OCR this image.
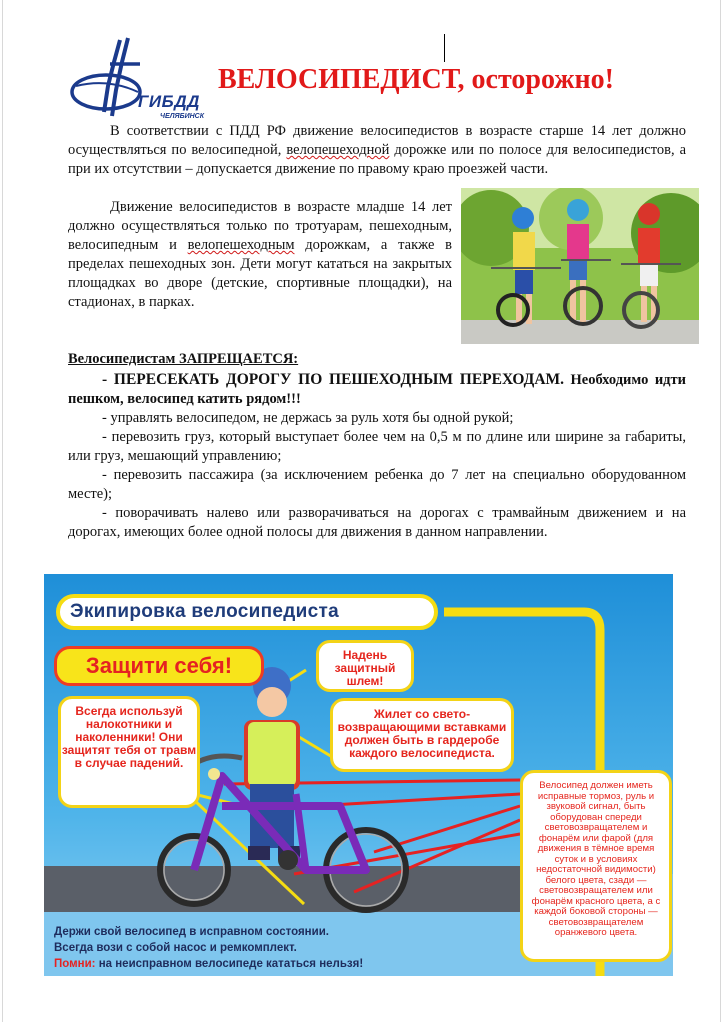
ГИБДД
ЧЕЛЯБИНСК
ВЕЛОСИПЕДИСТ, осторожно!

В соответствии с ПДД РФ движение велосипедистов в возрасте старше 14 лет должно осуществляться по велосипедной, велопешеходной дорожке или по полосе для велосипедистов, а при их отсутствии – допускается движение по правому краю проезжей части.

Движение велосипедистов в возрасте младше 14 лет должно осуществляться только по тротуарам, пешеходным, велосипедным и велопешеходным дорожкам, а также в пределах пешеходных зон. Дети могут кататься на закрытых площадках во дворе (детские, спортивные площадки), на стадионах, в парках.

Велосипедистам ЗАПРЕЩАЕТСЯ:
- ПЕРЕСЕКАТЬ ДОРОГУ ПО ПЕШЕХОДНЫМ ПЕРЕХОДАМ. Необходимо идти пешком, велосипед катить рядом!!!
- управлять велосипедом, не держась за руль хотя бы одной рукой;
- перевозить груз, который выступает более чем на 0,5 м по длине или ширине за габариты, или груз, мешающий управлению;
- перевозить пассажира (за исключением ребенка до 7 лет на специально оборудованном месте);
- поворачивать налево или разворачиваться на дорогах с трамвайным движением и на дорогах, имеющих более одной полосы для движения в данном направлении.
Экипировка велосипедиста
Защити себя!	Надень защитный шлем!
Всегда используй налокотники и наколенники! Они защитят тебя от травм в случае падений.
Жилет со свето-возвращающими вставками должен быть в гардеробе каждого велосипедиста.
Велосипед должен иметь исправные тормоз, руль и звуковой сигнал, быть оборудован спереди световозвращателем и фонарём или фарой (для движения в тёмное время суток и в условиях недостаточной видимости) белого цвета, сзади — световозвращателем или фонарём красного цвета, а с каждой боковой стороны — световозвращателем оранжевого цвета.
Держи свой велосипед в исправном состоянии.
Всегда вози с собой насос и ремкомплект.
Помни: на неисправном велосипеде кататься нельзя!
